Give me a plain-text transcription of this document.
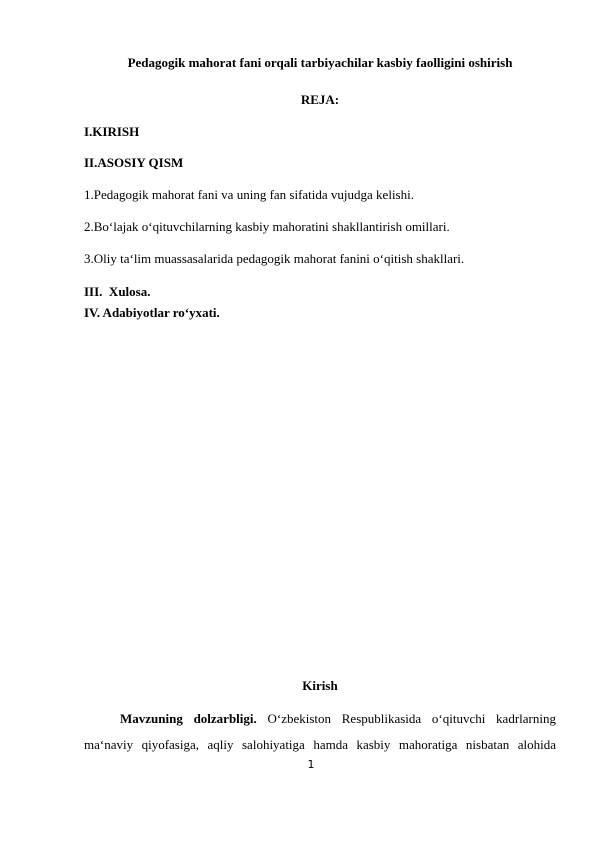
Pedagogik mahorat fani orqali tarbiyachilar kasbiy faolligini oshirish
REJA:
I.KIRISH
II.ASOSIY QISM
1.Pedagogik mahorat fani va uning fan sifatida vujudga kelishi.
2.Bo‘lajak o‘qituvchilarning kasbiy mahoratini shakllantirish omillari.
3.Oliy ta‘lim muassasalarida pedagogik mahorat fanini o‘qitish shakllari.
III.  Xulosa.
IV. Adabiyotlar ro‘yxati.
Kirish
Mavzuning dolzarbligi. O‘zbekiston Respublikasida o‘qituvchi kadrlarning
ma‘naviy qiyofasiga, aqliy salohiyatiga hamda kasbiy mahoratiga nisbatan alohida
1
